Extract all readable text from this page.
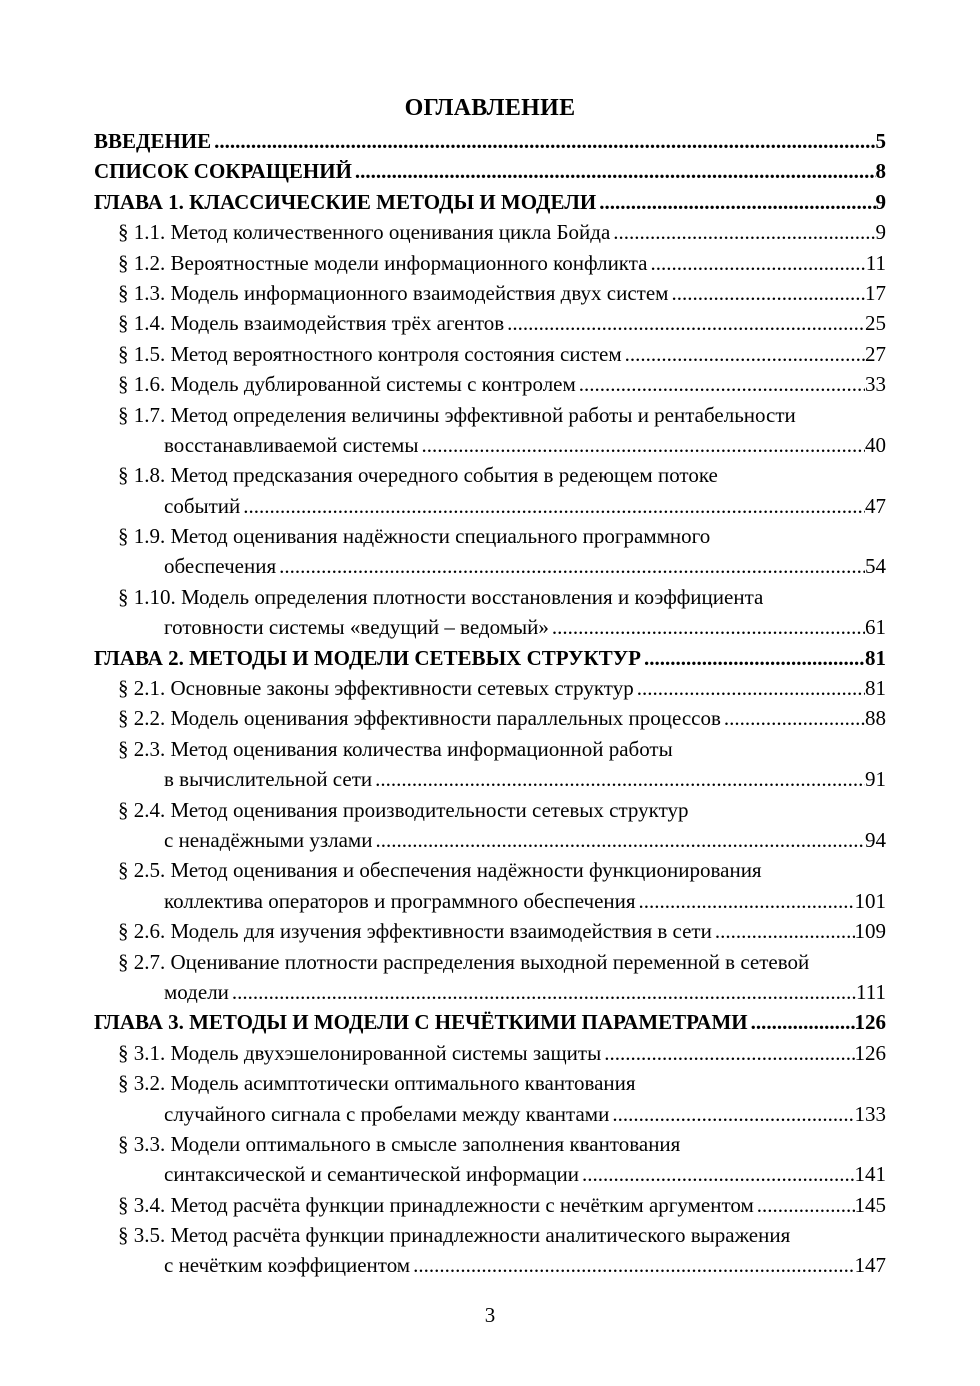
ОГЛАВЛЕНИЕ
ВВЕДЕНИЕ .....	5
СПИСОК СОКРАЩЕНИЙ .....	8
ГЛАВА 1. КЛАССИЧЕСКИЕ МЕТОДЫ И МОДЕЛИ .....	9
§ 1.1. Метод количественного оценивания цикла Бойда .....	9
§ 1.2. Вероятностные модели информационного конфликта .....	11
§ 1.3. Модель информационного взаимодействия двух систем .....	17
§ 1.4. Модель взаимодействия трёх агентов .....	25
§ 1.5. Метод вероятностного контроля состояния систем .....	27
§ 1.6. Модель дублированной системы с контролем .....	33
§ 1.7. Метод определения величины эффективной работы и рентабельности
восстанавливаемой системы .....	40
§ 1.8. Метод предсказания очередного события в редеющем потоке
событий .....	47
§ 1.9. Метод оценивания надёжности специального программного
обеспечения .....	54
§ 1.10. Модель определения плотности восстановления и коэффициента
готовности системы «ведущий – ведомый» .....	61
ГЛАВА 2. МЕТОДЫ И МОДЕЛИ СЕТЕВЫХ СТРУКТУР .....	81
§ 2.1. Основные законы эффективности сетевых структур .....	81
§ 2.2. Модель оценивания эффективности параллельных процессов .....	88
§ 2.3. Метод оценивания количества информационной работы
в вычислительной сети .....	91
§ 2.4. Метод оценивания производительности сетевых структур
с ненадёжными узлами .....	94
§ 2.5. Метод оценивания и обеспечения надёжности функционирования
коллектива операторов и программного обеспечения .....	101
§ 2.6. Модель для изучения эффективности взаимодействия в сети .....	109
§ 2.7. Оценивание плотности распределения выходной переменной в сетевой
модели .....	111
ГЛАВА 3. МЕТОДЫ И МОДЕЛИ С НЕЧЁТКИМИ ПАРАМЕТРАМИ .....	126
§ 3.1. Модель двухэшелонированной системы защиты .....	126
§ 3.2. Модель асимптотически оптимального квантования
случайного сигнала с пробелами между квантами .....	133
§ 3.3. Модели оптимального в смысле заполнения квантования
синтаксической и семантической информации .....	141
§ 3.4. Метод расчёта функции принадлежности с нечётким аргументом .....	145
§ 3.5. Метод расчёта функции принадлежности аналитического выражения
с нечётким коэффициентом .....	147
3
